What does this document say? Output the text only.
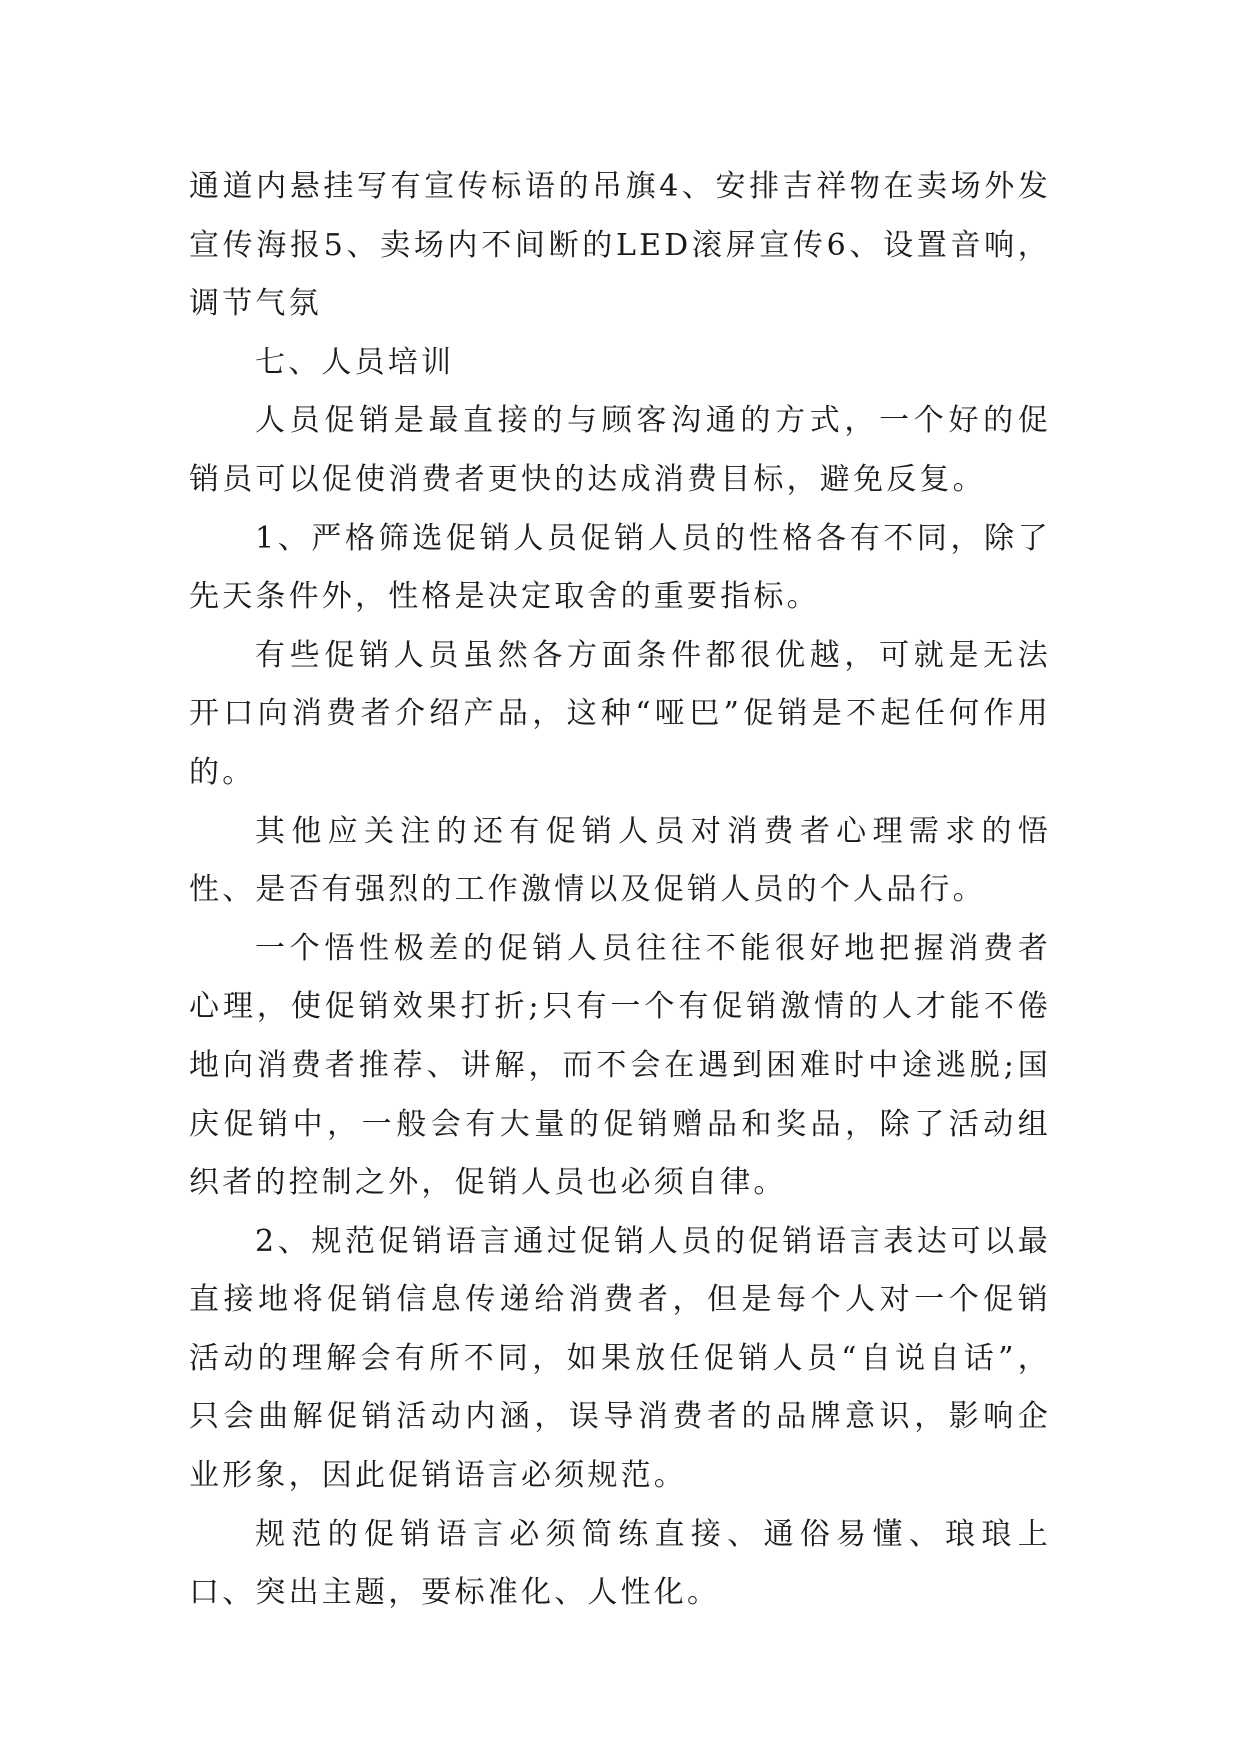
通道内悬挂写有宣传标语的吊旗4、安排吉祥物在卖场外发宣传海报5、卖场内不间断的LED滚屏宣传6、设置音响，调节气氛

七、人员培训

人员促销是最直接的与顾客沟通的方式，一个好的促销员可以促使消费者更快的达成消费目标，避免反复。

1、严格筛选促销人员促销人员的性格各有不同，除了先天条件外，性格是决定取舍的重要指标。

有些促销人员虽然各方面条件都很优越，可就是无法开口向消费者介绍产品，这种“哑巴”促销是不起任何作用的。

其他应关注的还有促销人员对消费者心理需求的悟性、是否有强烈的工作激情以及促销人员的个人品行。

一个悟性极差的促销人员往往不能很好地把握消费者心理，使促销效果打折;只有一个有促销激情的人才能不倦地向消费者推荐、讲解，而不会在遇到困难时中途逃脱;国庆促销中，一般会有大量的促销赠品和奖品，除了活动组织者的控制之外，促销人员也必须自律。

2、规范促销语言通过促销人员的促销语言表达可以最直接地将促销信息传递给消费者，但是每个人对一个促销活动的理解会有所不同，如果放任促销人员“自说自话”，只会曲解促销活动内涵，误导消费者的品牌意识，影响企业形象，因此促销语言必须规范。

规范的促销语言必须简练直接、通俗易懂、琅琅上口、突出主题，要标准化、人性化。
